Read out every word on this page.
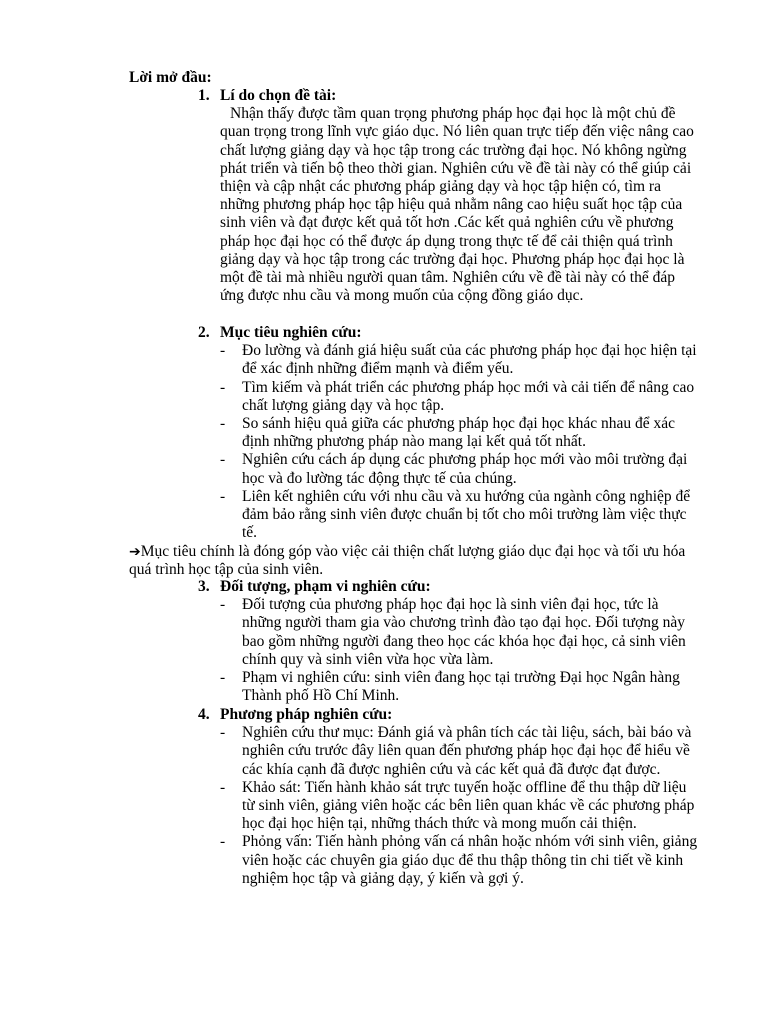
Lời mở đầu:
1. Lí do chọn đề tài:
Nhận thấy được tầm quan trọng phương pháp học đại học là một chủ đề quan trọng trong lĩnh vực giáo dục. Nó liên quan trực tiếp đến việc nâng cao chất lượng giảng dạy và học tập trong các trường đại học. Nó không ngừng phát triển và tiến bộ theo thời gian. Nghiên cứu về đề tài này có thể giúp cải thiện và cập nhật các phương pháp giảng dạy và học tập hiện có, tìm ra những phương pháp học tập hiệu quả nhằm nâng cao hiệu suất học tập của sinh viên và đạt được kết quả tốt hơn .Các kết quả nghiên cứu về phương pháp học đại học có thể được áp dụng trong thực tế để cải thiện quá trình giảng dạy và học tập trong các trường đại học. Phương pháp học đại học là một đề tài mà nhiều người quan tâm. Nghiên cứu về đề tài này có thể đáp ứng được nhu cầu và mong muốn của cộng đồng giáo dục.
2. Mục tiêu nghiên cứu:
- Đo lường và đánh giá hiệu suất của các phương pháp học đại học hiện tại để xác định những điểm mạnh và điểm yếu.
- Tìm kiếm và phát triển các phương pháp học mới và cải tiến để nâng cao chất lượng giảng dạy và học tập.
- So sánh hiệu quả giữa các phương pháp học đại học khác nhau để xác định những phương pháp nào mang lại kết quả tốt nhất.
- Nghiên cứu cách áp dụng các phương pháp học mới vào môi trường đại học và đo lường tác động thực tế của chúng.
- Liên kết nghiên cứu với nhu cầu và xu hướng của ngành công nghiệp để đảm bảo rằng sinh viên được chuẩn bị tốt cho môi trường làm việc thực tế.
➔Mục tiêu chính là đóng góp vào việc cải thiện chất lượng giáo dục đại học và tối ưu hóa quá trình học tập của sinh viên.
3. Đối tượng, phạm vi nghiên cứu:
- Đối tượng của phương pháp học đại học là sinh viên đại học, tức là những người tham gia vào chương trình đào tạo đại học. Đối tượng này bao gồm những người đang theo học các khóa học đại học, cả sinh viên chính quy và sinh viên vừa học vừa làm.
- Phạm vi nghiên cứu: sinh viên đang học tại trường Đại học Ngân hàng Thành phố Hồ Chí Minh.
4. Phương pháp nghiên cứu:
- Nghiên cứu thư mục: Đánh giá và phân tích các tài liệu, sách, bài báo và nghiên cứu trước đây liên quan đến phương pháp học đại học để hiểu về các khía cạnh đã được nghiên cứu và các kết quả đã được đạt được.
- Khảo sát: Tiến hành khảo sát trực tuyến hoặc offline để thu thập dữ liệu từ sinh viên, giảng viên hoặc các bên liên quan khác về các phương pháp học đại học hiện tại, những thách thức và mong muốn cải thiện.
- Phỏng vấn: Tiến hành phỏng vấn cá nhân hoặc nhóm với sinh viên, giảng viên hoặc các chuyên gia giáo dục để thu thập thông tin chi tiết về kinh nghiệm học tập và giảng dạy, ý kiến và gợi ý.
